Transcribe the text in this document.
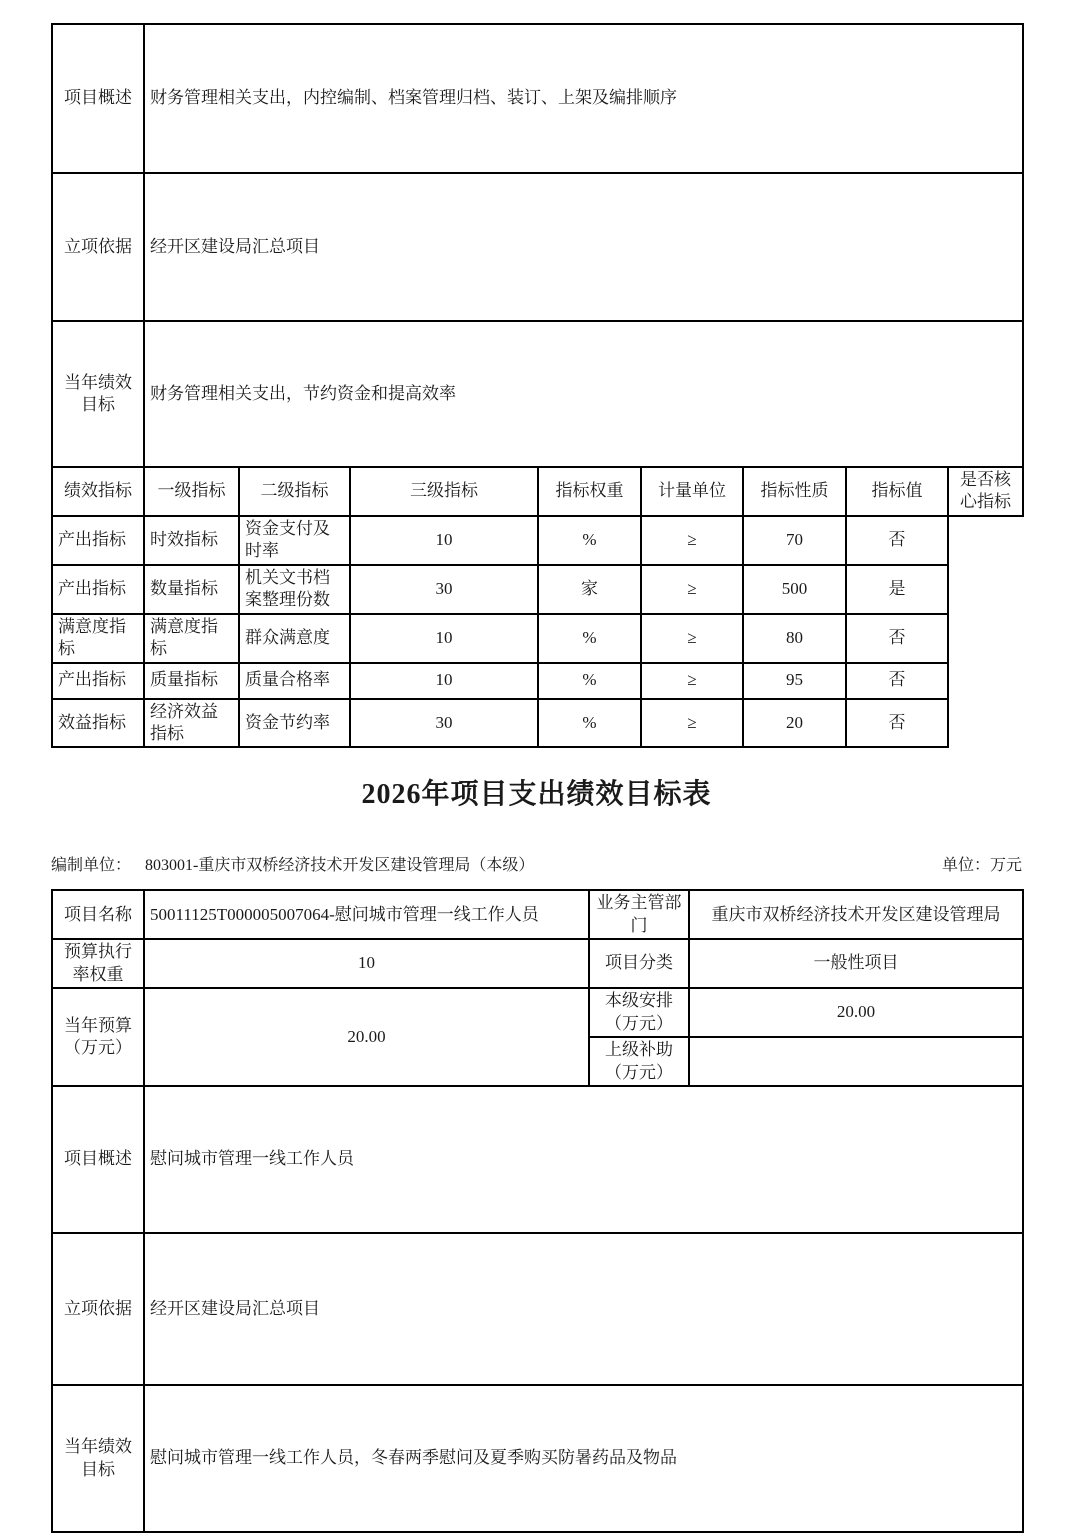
项目概述	财务管理相关支出，内控编制、档案管理归档、装订、上架及编排顺序							
立项依据	经开区建设局汇总项目							
当年绩效目标	财务管理相关支出，节约资金和提高效率							
绩效指标	一级指标	二级指标	三级指标	指标权重	计量单位	指标性质	指标值	是否核心指标
产出指标	时效指标	资金支付及时率	10	%	≥	70	否	
产出指标	数量指标	机关文书档案整理份数	30	家	≥	500	是	
满意度指标	满意度指标	群众满意度	10	%	≥	80	否	
产出指标	质量指标	质量合格率	10	%	≥	95	否	
效益指标	经济效益指标	资金节约率	30	%	≥	20	否	
2026年项目支出绩效目标表
编制单位： 803001-重庆市双桥经济技术开发区建设管理局（本级）	单位：万元
项目名称	50011125T000005007064-慰问城市管理一线工作人员	业务主管部门	重庆市双桥经济技术开发区建设管理局
预算执行率权重	10	项目分类	一般性项目
当年预算（万元）	20.00	本级安排（万元）	20.00
		上级补助（万元）	
项目概述	慰问城市管理一线工作人员		
立项依据	经开区建设局汇总项目		
当年绩效目标	慰问城市管理一线工作人员，冬春两季慰问及夏季购买防暑药品及物品		
